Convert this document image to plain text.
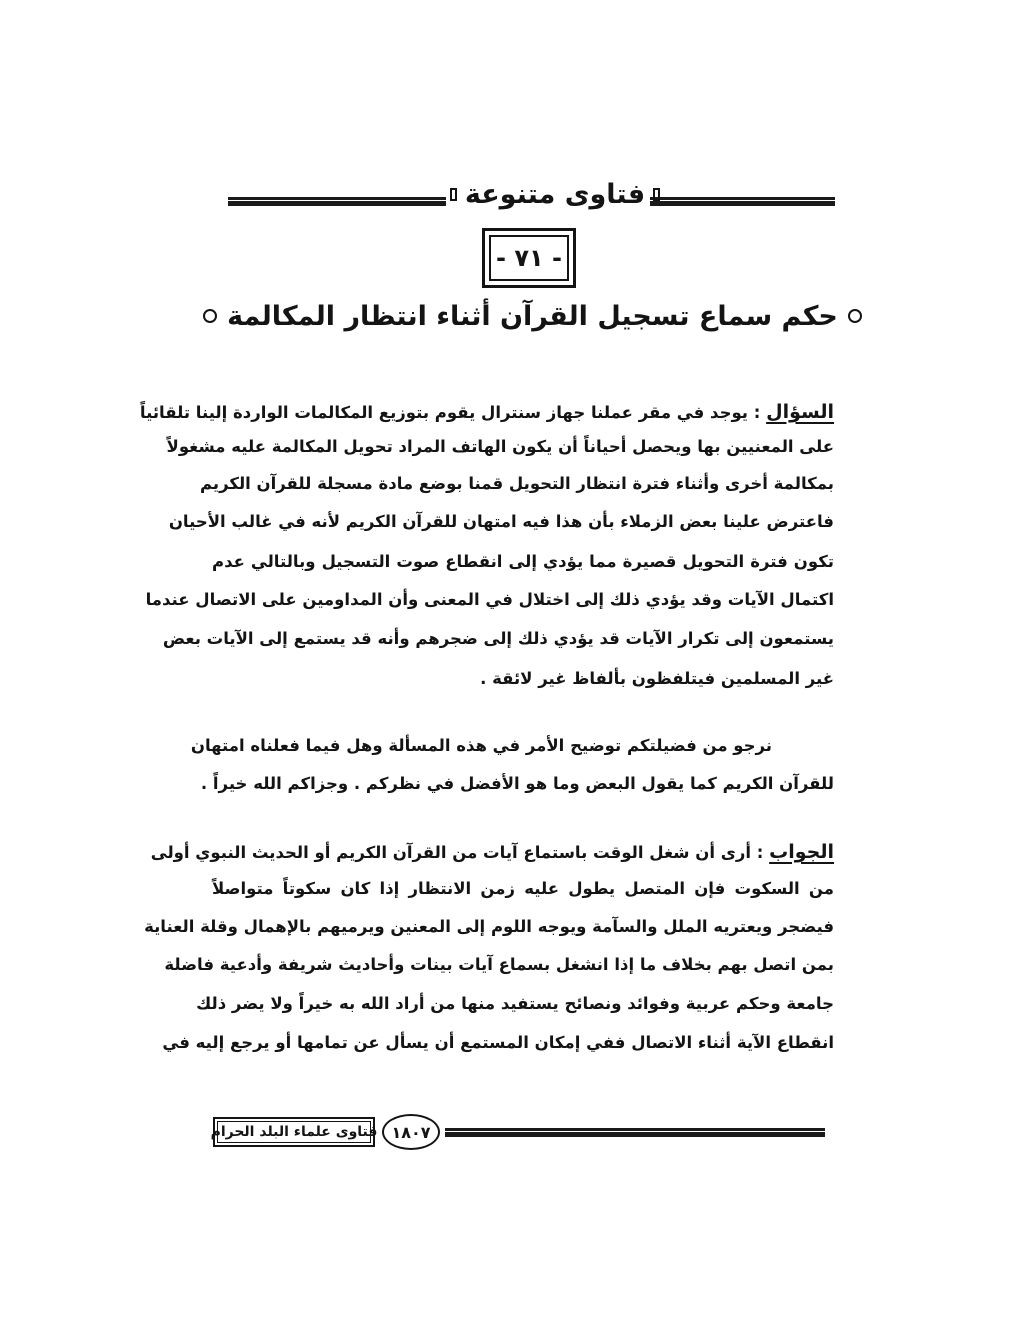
فتاوى متنوعة
- ٧١ -
حكم سماع تسجيل القرآن أثناء انتظار المكالمة
السؤال : يوجد في مقر عملنا جهاز سنترال يقوم بتوزيع المكالمات الواردة إلينا تلقائياً
على المعنيين بها ويحصل أحياناً أن يكون الهاتف المراد تحويل المكالمة عليه مشغولاً
بمكالمة أخرى وأثناء فترة انتظار التحويل قمنا بوضع مادة مسجلة للقرآن الكريم
فاعترض علينا بعض الزملاء بأن هذا فيه امتهان للقرآن الكريم لأنه في غالب الأحيان
تكون فترة التحويل قصيرة مما يؤدي إلى انقطاع صوت التسجيل وبالتالي عدم
اكتمال الآيات وقد يؤدي ذلك إلى اختلال في المعنى وأن المداومين على الاتصال عندما
يستمعون إلى تكرار الآيات قد يؤدي ذلك إلى ضجرهم وأنه قد يستمع إلى الآيات بعض
غير المسلمين فيتلفظون بألفاظ غير لائقة .
نرجو من فضيلتكم توضيح الأمر في هذه المسألة وهل فيما فعلناه امتهان
للقرآن الكريم كما يقول البعض وما هو الأفضل في نظركم . وجزاكم الله خيراً .
الجواب : أرى أن شغل الوقت باستماع آيات من القرآن الكريم أو الحديث النبوي أولى
من السكوت فإن المتصل يطول عليه زمن الانتظار إذا كان سكوتاً متواصلاً
فيضجر ويعتريه الملل والسآمة ويوجه اللوم إلى المعنين ويرميهم بالإهمال وقلة العناية
بمن اتصل بهم بخلاف ما إذا انشغل بسماع آيات بينات وأحاديث شريفة وأدعية فاضلة
جامعة وحكم عربية وفوائد ونصائح يستفيد منها من أراد الله به خيراً ولا يضر ذلك
انقطاع الآية أثناء الاتصال ففي إمكان المستمع أن يسأل عن تمامها أو يرجع إليه في
فتاوى علماء البلد الحرام ١٨٠٧
